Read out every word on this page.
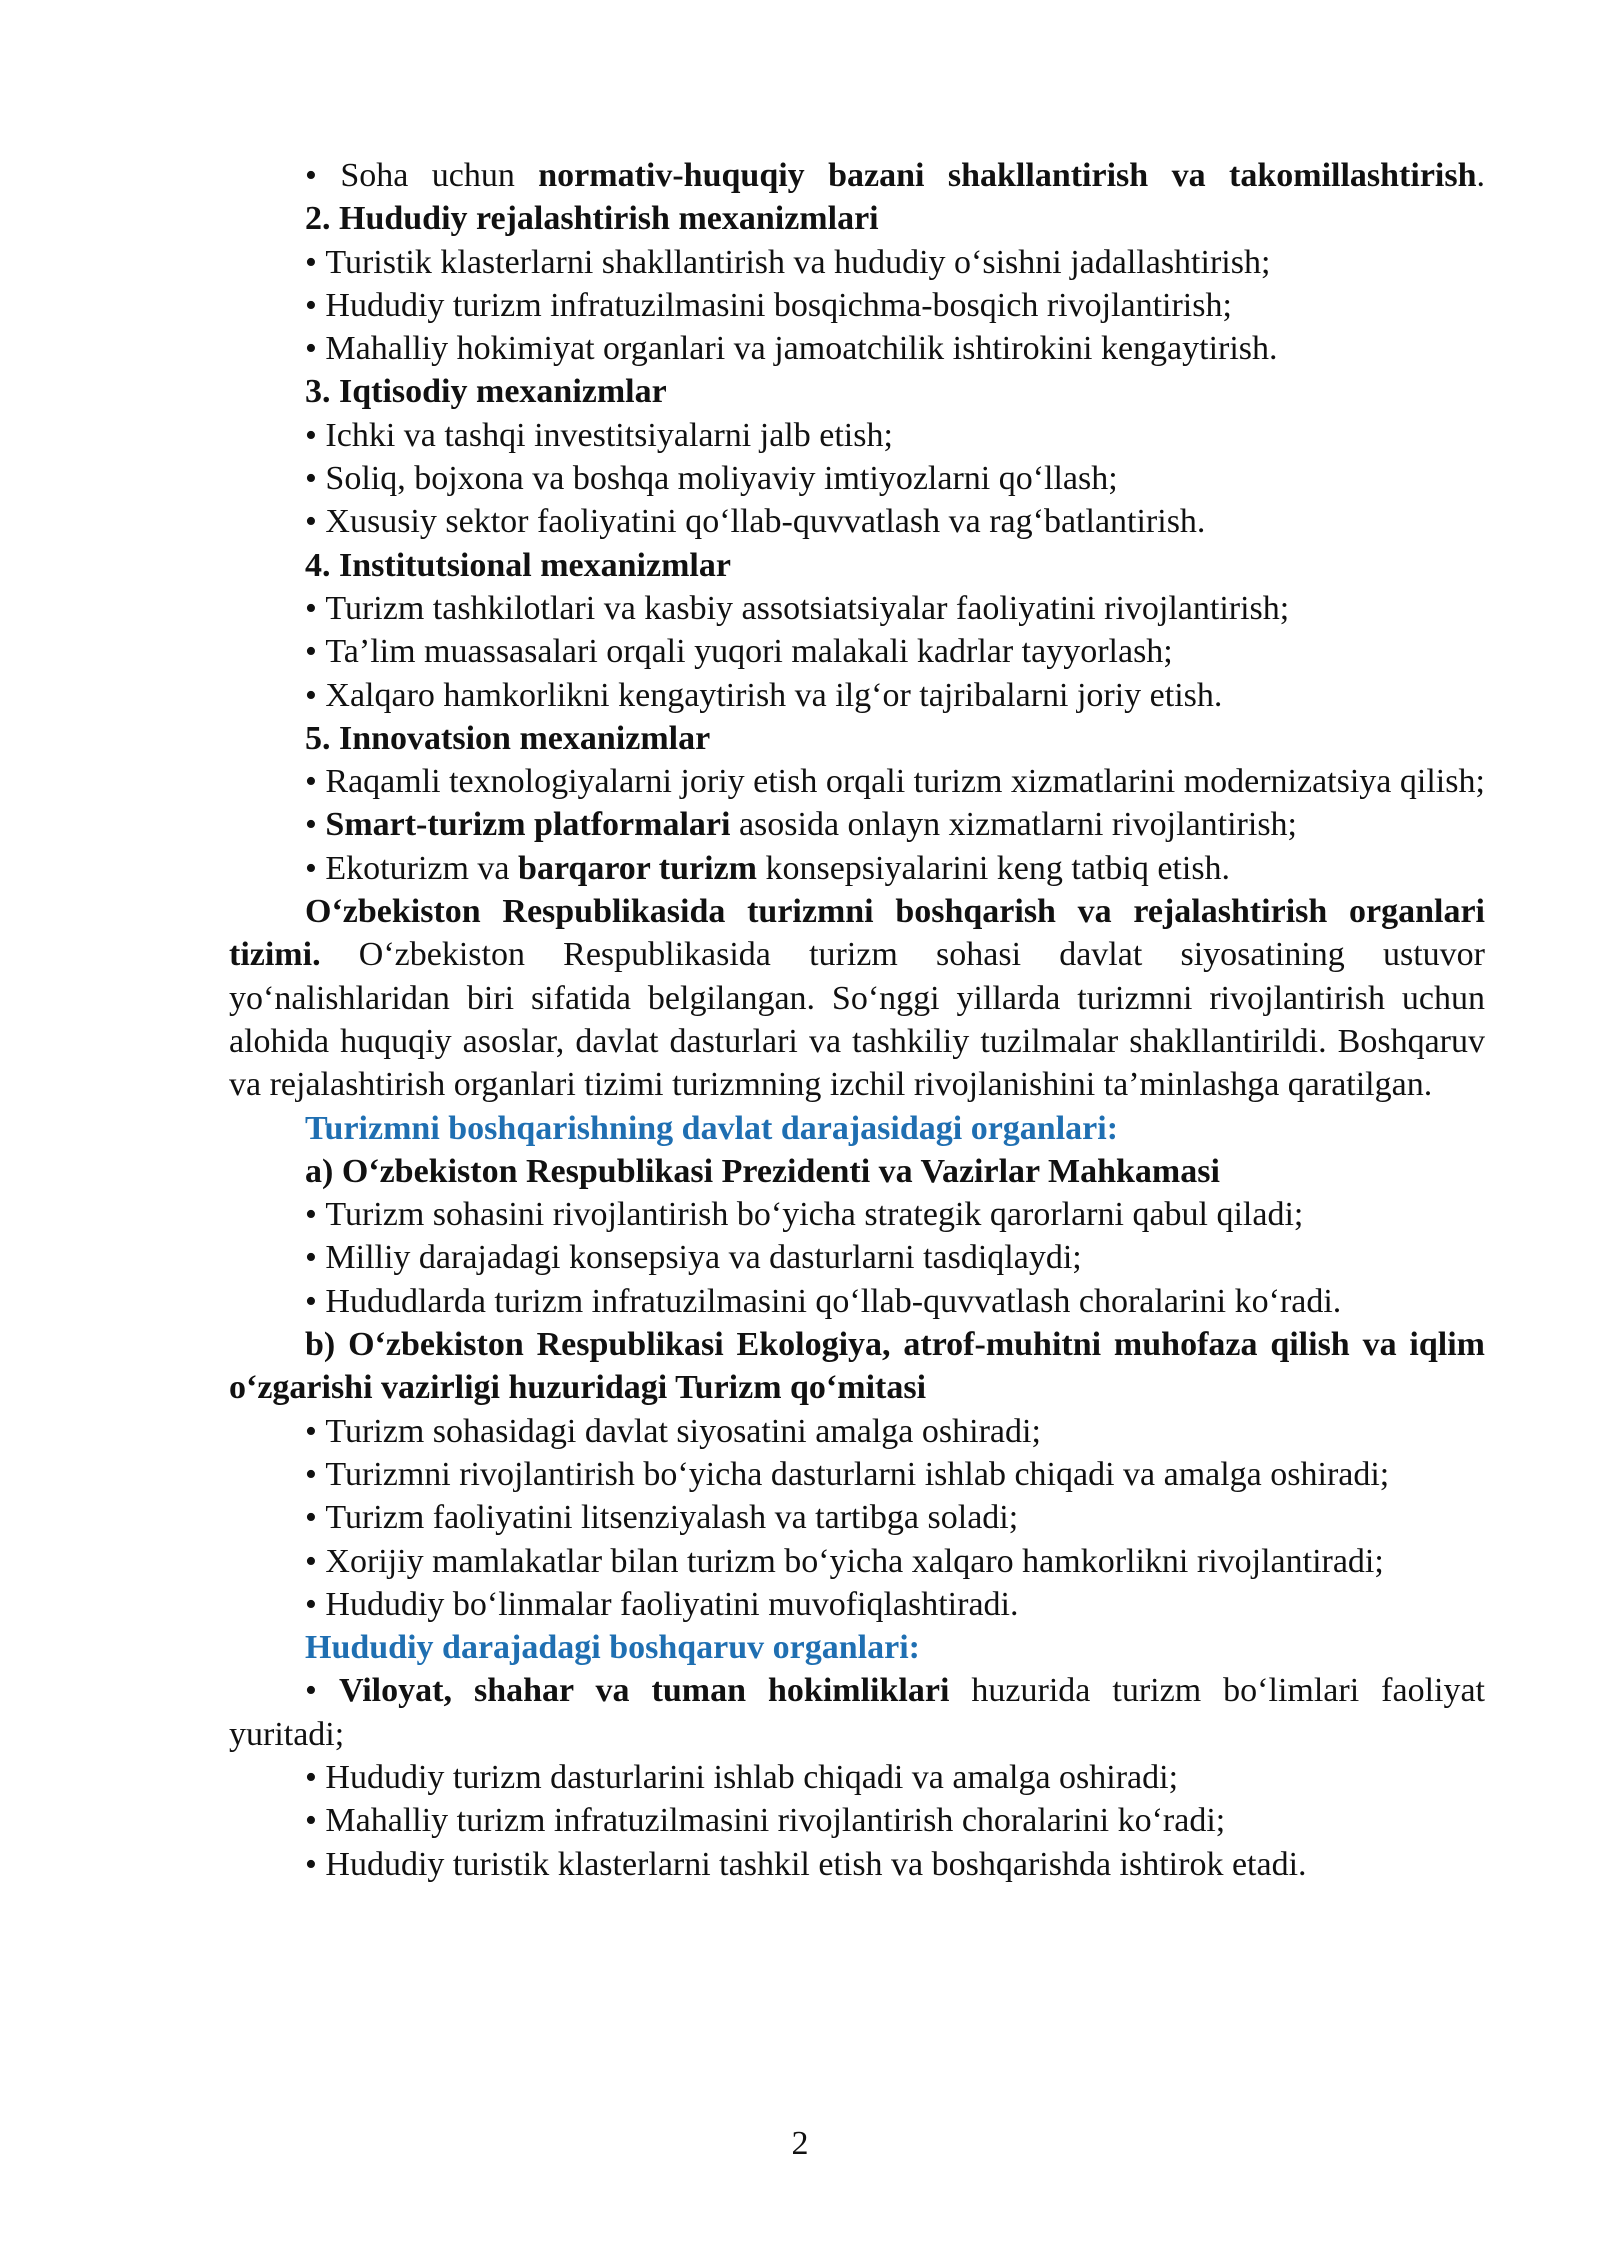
• Soha uchun normativ-huquqiy bazani shakllantirish va takomillashtirish.

2. Hududiy rejalashtirish mexanizmlari

• Turistik klasterlarni shakllantirish va hududiy o‘sishni jadallashtirish;

• Hududiy turizm infratuzilmasini bosqichma-bosqich rivojlantirish;

• Mahalliy hokimiyat organlari va jamoatchilik ishtirokini kengaytirish.

3. Iqtisodiy mexanizmlar

• Ichki va tashqi investitsiyalarni jalb etish;

• Soliq, bojxona va boshqa moliyaviy imtiyozlarni qo‘llash;

• Xususiy sektor faoliyatini qo‘llab-quvvatlash va rag‘batlantirish.

4. Institutsional mexanizmlar

• Turizm tashkilotlari va kasbiy assotsiatsiyalar faoliyatini rivojlantirish;

• Ta’lim muassasalari orqali yuqori malakali kadrlar tayyorlash;

• Xalqaro hamkorlikni kengaytirish va ilg‘or tajribalarni joriy etish.

5. Innovatsion mexanizmlar

• Raqamli texnologiyalarni joriy etish orqali turizm xizmatlarini modernizatsiya qilish;

• Smart-turizm platformalari asosida onlayn xizmatlarni rivojlantirish;

• Ekoturizm va barqaror turizm konsepsiyalarini keng tatbiq etish.

O‘zbekiston Respublikasida turizmni boshqarish va rejalashtirish organlari tizimi. O‘zbekiston Respublikasida turizm sohasi davlat siyosatining ustuvor yo‘nalishlaridan biri sifatida belgilangan. So‘nggi yillarda turizmni rivojlantirish uchun alohida huquqiy asoslar, davlat dasturlari va tashkiliy tuzilmalar shakllantirildi. Boshqaruv va rejalashtirish organlari tizimi turizmning izchil rivojlanishini ta’minlashga qaratilgan.

Turizmni boshqarishning davlat darajasidagi organlari:

a) O‘zbekiston Respublikasi Prezidenti va Vazirlar Mahkamasi

• Turizm sohasini rivojlantirish bo‘yicha strategik qarorlarni qabul qiladi;

• Milliy darajadagi konsepsiya va dasturlarni tasdiqlaydi;

• Hududlarda turizm infratuzilmasini qo‘llab-quvvatlash choralarini ko‘radi.

b) O‘zbekiston Respublikasi Ekologiya, atrof-muhitni muhofaza qilish va iqlim o‘zgarishi vazirligi huzuridagi Turizm qo‘mitasi

• Turizm sohasidagi davlat siyosatini amalga oshiradi;

• Turizmni rivojlantirish bo‘yicha dasturlarni ishlab chiqadi va amalga oshiradi;

• Turizm faoliyatini litsenziyalash va tartibga soladi;

• Xorijiy mamlakatlar bilan turizm bo‘yicha xalqaro hamkorlikni rivojlantiradi;

• Hududiy bo‘linmalar faoliyatini muvofiqlashtiradi.

Hududiy darajadagi boshqaruv organlari:

• Viloyat, shahar va tuman hokimliklari huzurida turizm bo‘limlari faoliyat yuritadi;

• Hududiy turizm dasturlarini ishlab chiqadi va amalga oshiradi;

• Mahalliy turizm infratuzilmasini rivojlantirish choralarini ko‘radi;

• Hududiy turistik klasterlarni tashkil etish va boshqarishda ishtirok etadi.

2
